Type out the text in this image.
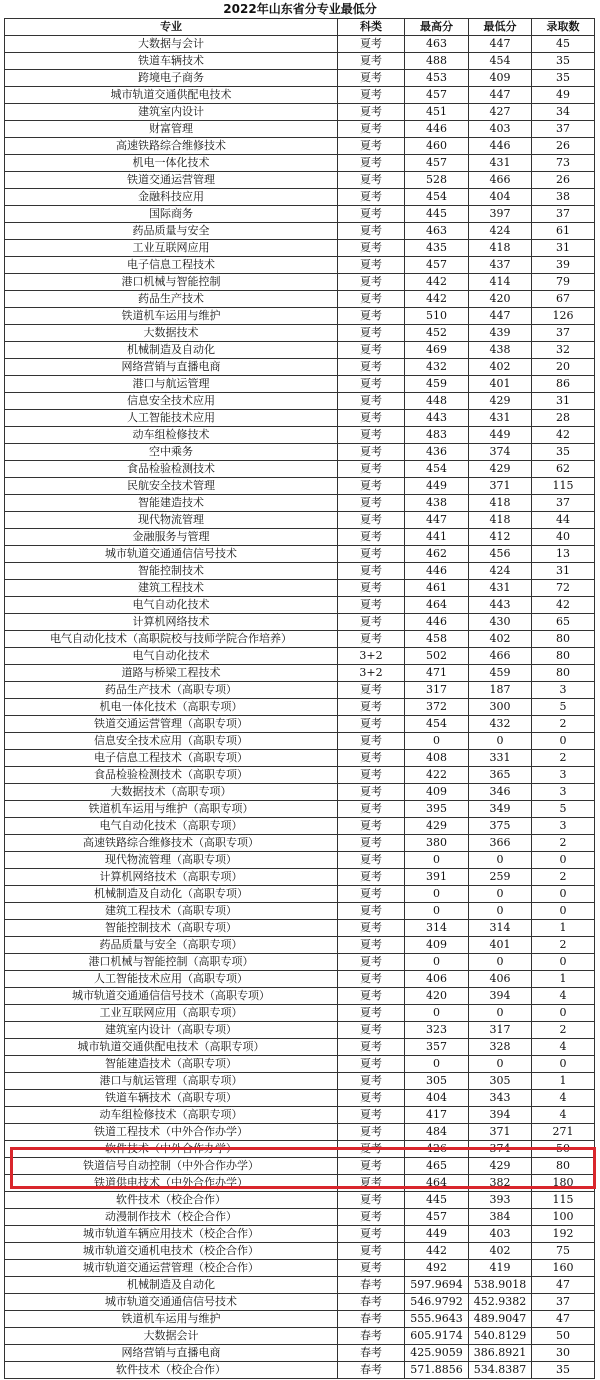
2022年山东省分专业最低分
专业	科类	最高分	最低分	录取数
大数据与会计	夏考	463	447	45
铁道车辆技术	夏考	488	454	35
跨境电子商务	夏考	453	409	35
城市轨道交通供配电技术	夏考	457	447	49
建筑室内设计	夏考	451	427	34
财富管理	夏考	446	403	37
高速铁路综合维修技术	夏考	460	446	26
机电一体化技术	夏考	457	431	73
铁道交通运营管理	夏考	528	466	26
金融科技应用	夏考	454	404	38
国际商务	夏考	445	397	37
药品质量与安全	夏考	463	424	61
工业互联网应用	夏考	435	418	31
电子信息工程技术	夏考	457	437	39
港口机械与智能控制	夏考	442	414	79
药品生产技术	夏考	442	420	67
铁道机车运用与维护	夏考	510	447	126
大数据技术	夏考	452	439	37
机械制造及自动化	夏考	469	438	32
网络营销与直播电商	夏考	432	402	20
港口与航运管理	夏考	459	401	86
信息安全技术应用	夏考	448	429	31
人工智能技术应用	夏考	443	431	28
动车组检修技术	夏考	483	449	42
空中乘务	夏考	436	374	35
食品检验检测技术	夏考	454	429	62
民航安全技术管理	夏考	449	371	115
智能建造技术	夏考	438	418	37
现代物流管理	夏考	447	418	44
金融服务与管理	夏考	441	412	40
城市轨道交通通信信号技术	夏考	462	456	13
智能控制技术	夏考	446	424	31
建筑工程技术	夏考	461	431	72
电气自动化技术	夏考	464	443	42
计算机网络技术	夏考	446	430	65
电气自动化技术（高职院校与技师学院合作培养）	夏考	458	402	80
电气自动化技术	3+2	502	466	80
道路与桥梁工程技术	3+2	471	459	80
药品生产技术（高职专项）	夏考	317	187	3
机电一体化技术（高职专项）	夏考	372	300	5
铁道交通运营管理（高职专项）	夏考	454	432	2
信息安全技术应用（高职专项）	夏考	0	0	0
电子信息工程技术（高职专项）	夏考	408	331	2
食品检验检测技术（高职专项）	夏考	422	365	3
大数据技术（高职专项）	夏考	409	346	3
铁道机车运用与维护（高职专项）	夏考	395	349	5
电气自动化技术（高职专项）	夏考	429	375	3
高速铁路综合维修技术（高职专项）	夏考	380	366	2
现代物流管理（高职专项）	夏考	0	0	0
计算机网络技术（高职专项）	夏考	391	259	2
机械制造及自动化（高职专项）	夏考	0	0	0
建筑工程技术（高职专项）	夏考	0	0	0
智能控制技术（高职专项）	夏考	314	314	1
药品质量与安全（高职专项）	夏考	409	401	2
港口机械与智能控制（高职专项）	夏考	0	0	0
人工智能技术应用（高职专项）	夏考	406	406	1
城市轨道交通通信信号技术（高职专项）	夏考	420	394	4
工业互联网应用（高职专项）	夏考	0	0	0
建筑室内设计（高职专项）	夏考	323	317	2
城市轨道交通供配电技术（高职专项）	夏考	357	328	4
智能建造技术（高职专项）	夏考	0	0	0
港口与航运管理（高职专项）	夏考	305	305	1
铁道车辆技术（高职专项）	夏考	404	343	4
动车组检修技术（高职专项）	夏考	417	394	4
铁道工程技术（中外合作办学）	夏考	484	371	271
软件技术（中外合作办学）	夏考	426	374	50
铁道信号自动控制（中外合作办学）	夏考	465	429	80
铁道供电技术（中外合作办学）	夏考	464	382	180
软件技术（校企合作）	夏考	445	393	115
动漫制作技术（校企合作）	夏考	457	384	100
城市轨道车辆应用技术（校企合作）	夏考	449	403	192
城市轨道交通机电技术（校企合作）	夏考	442	402	75
城市轨道交通运营管理（校企合作）	夏考	492	419	160
机械制造及自动化	春考	597.9694	538.9018	47
城市轨道交通通信信号技术	春考	546.9792	452.9382	37
铁道机车运用与维护	春考	555.9643	489.9047	47
大数据会计	春考	605.9174	540.8129	50
网络营销与直播电商	春考	425.9059	386.8921	30
软件技术（校企合作）	春考	571.8856	534.8387	35
